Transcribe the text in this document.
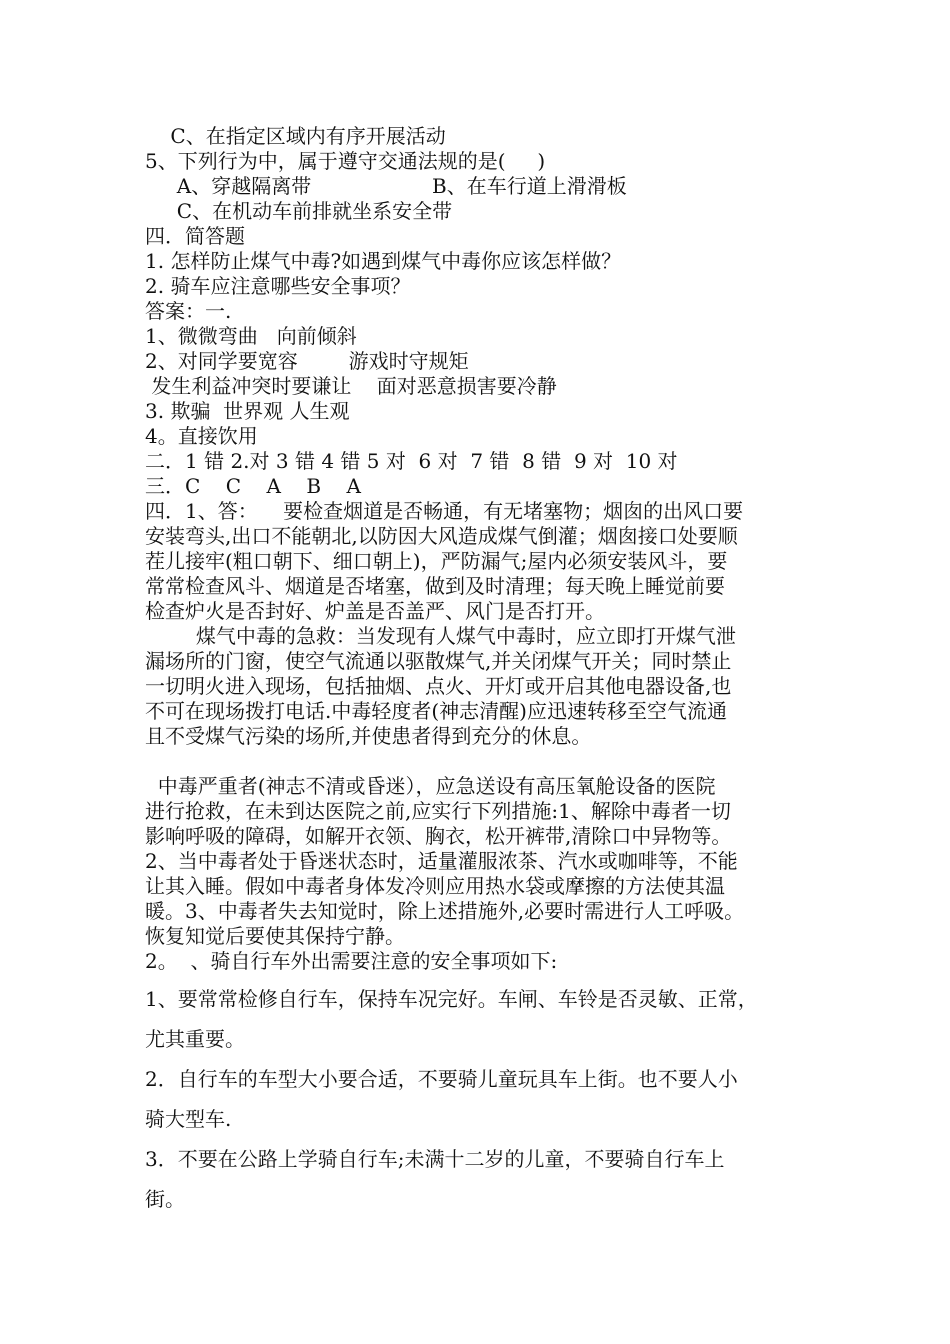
C、在指定区域内有序开展活动
5、下列行为中，属于遵守交通法规的是(     )
A、穿越隔离带                   B、在车行道上滑滑板
C、在机动车前排就坐系安全带
四．简答题
1. 怎样防止煤气中毒?如遇到煤气中毒你应该怎样做？
2. 骑车应注意哪些安全事项？
答案：一.
1、微微弯曲   向前倾斜
2、对同学要宽容        游戏时守规矩
发生利益冲突时要谦让    面对恶意损害要冷静
3. 欺骗  世界观 人生观
4。直接饮用
二．1 错 2.对 3 错 4 错 5 对  6 对  7 错  8 错  9 对  10 对
三．C    C    A    B    A
四．1、答：    要检查烟道是否畅通，有无堵塞物；烟囱的出风口要
安装弯头,出口不能朝北,以防因大风造成煤气倒灌；烟囱接口处要顺
茬儿接牢(粗口朝下、细口朝上)，严防漏气;屋内必须安装风斗，要
常常检查风斗、烟道是否堵塞，做到及时清理；每天晚上睡觉前要
检查炉火是否封好、炉盖是否盖严、风门是否打开。
煤气中毒的急救：当发现有人煤气中毒时，应立即打开煤气泄
漏场所的门窗，使空气流通以驱散煤气,并关闭煤气开关；同时禁止
一切明火进入现场，包括抽烟、点火、开灯或开启其他电器设备,也
不可在现场拨打电话.中毒轻度者(神志清醒)应迅速转移至空气流通
且不受煤气污染的场所,并使患者得到充分的休息。
中毒严重者(神志不清或昏迷），应急送设有高压氧舱设备的医院
进行抢救，在未到达医院之前,应实行下列措施:1、解除中毒者一切
影响呼吸的障碍，如解开衣领、胸衣，松开裤带,清除口中异物等。
2、当中毒者处于昏迷状态时，适量灌服浓茶、汽水或咖啡等，不能
让其入睡。假如中毒者身体发冷则应用热水袋或摩擦的方法使其温
暖。3、中毒者失去知觉时，除上述措施外,必要时需进行人工呼吸。
恢复知觉后要使其保持宁静。
2。  、骑自行车外出需要注意的安全事项如下:
1、要常常检修自行车，保持车况完好。车闸、车铃是否灵敏、正常，
尤其重要。
2．自行车的车型大小要合适，不要骑儿童玩具车上街。也不要人小
骑大型车.
3．不要在公路上学骑自行车;未满十二岁的儿童，不要骑自行车上
街。
